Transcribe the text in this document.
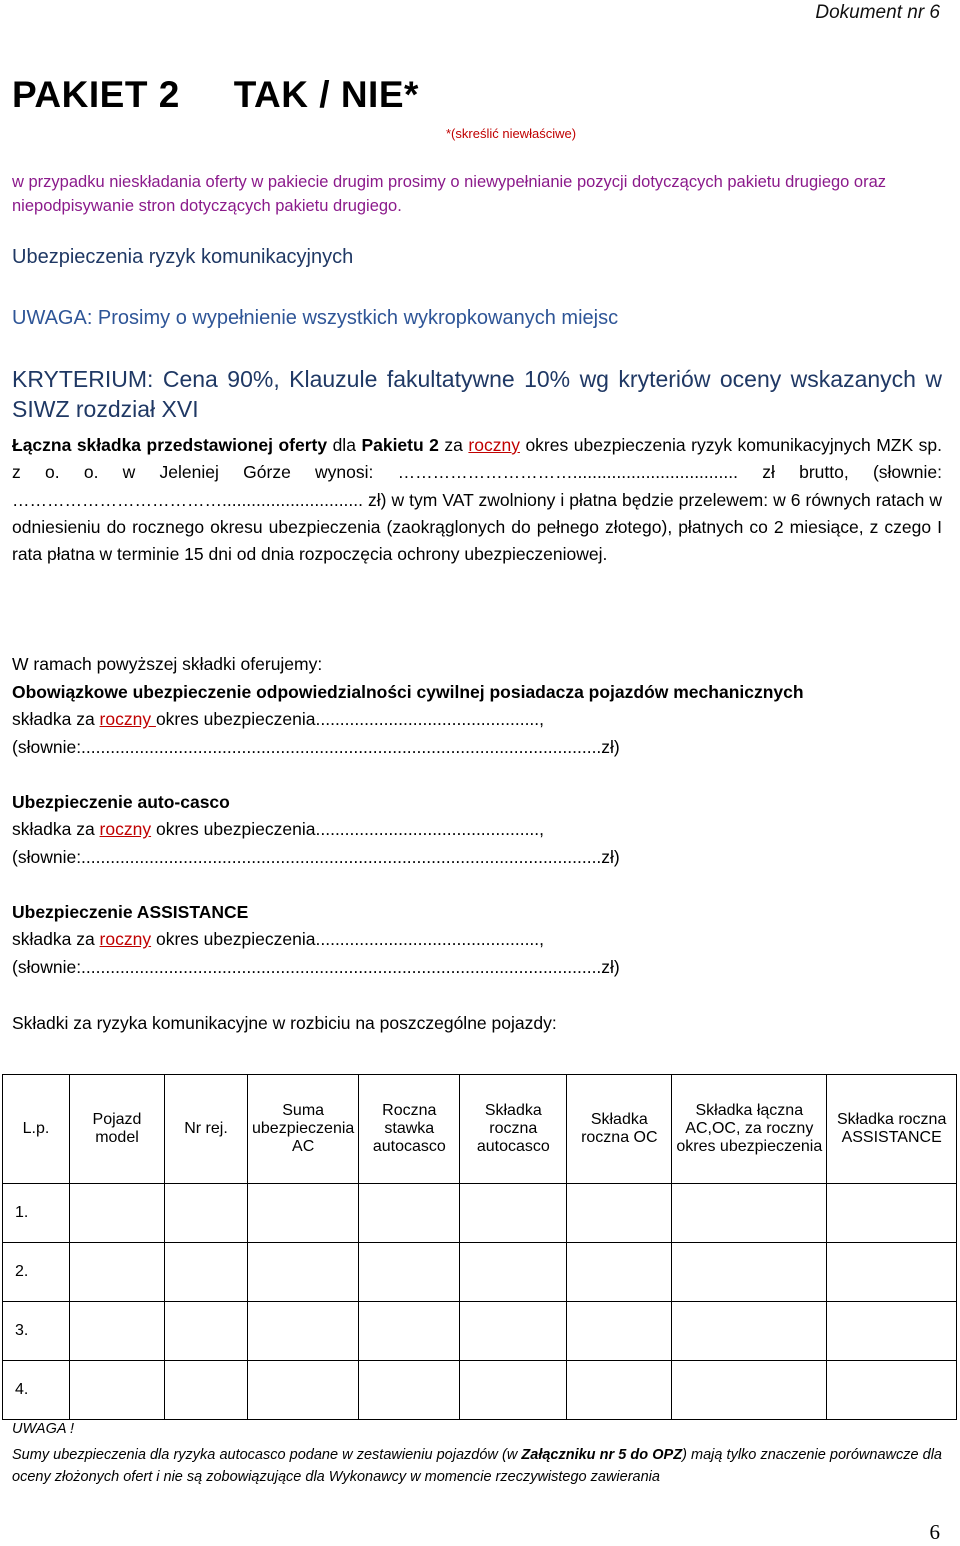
Dokument nr 6
PAKIET 2     TAK / NIE*
*(skreślić niewłaściwe)
w przypadku nieskładania oferty w pakiecie drugim prosimy o niewypełnianie pozycji dotyczących pakietu drugiego oraz niepodpisywanie stron dotyczących pakietu drugiego.
Ubezpieczenia ryzyk komunikacyjnych
UWAGA: Prosimy o wypełnienie wszystkich wykropkowanych miejsc
KRYTERIUM: Cena 90%, Klauzule fakultatywne 10% wg kryteriów oceny wskazanych w SIWZ rozdział XVI
Łączna składka przedstawionej oferty dla Pakietu 2 za roczny okres ubezpieczenia ryzyk komunikacyjnych MZK sp. z o. o. w Jeleniej Górze wynosi: ………………………….................................. zł brutto, (słownie: ………………………………............................. zł) w tym VAT zwolniony i płatna będzie przelewem: w 6 równych ratach w odniesieniu do rocznego okresu ubezpieczenia (zaokrąglonych do pełnego złotego), płatnych co 2 miesiące, z czego I rata płatna w terminie 15 dni od dnia rozpoczęcia ochrony ubezpieczeniowej.
W ramach powyższej składki oferujemy:
Obowiązkowe ubezpieczenie odpowiedzialności cywilnej posiadacza pojazdów mechanicznych
składka za roczny okres ubezpieczenia..............................................,
(słownie:...........................................................................................................zł)
Ubezpieczenie auto-casco
składka za roczny okres ubezpieczenia..............................................,
(słownie:...........................................................................................................zł)
Ubezpieczenie ASSISTANCE
składka za roczny okres ubezpieczenia..............................................,
(słownie:...........................................................................................................zł)
Składki za ryzyka komunikacyjne w rozbiciu na poszczególne pojazdy:
L.p.	Pojazd model	Nr rej.	Suma ubezpieczenia AC	Roczna stawka autocasco	Składka roczna autocasco	Składka roczna OC	Składka łączna AC,OC, za roczny okres ubezpieczenia	Składka roczna ASSISTANCE
1.								
2.								
3.								
4.								
UWAGA !
Sumy ubezpieczenia dla ryzyka autocasco podane w zestawieniu pojazdów (w Załączniku nr 5 do OPZ) mają tylko znaczenie porównawcze dla oceny złożonych ofert i nie są zobowiązujące dla Wykonawcy w momencie rzeczywistego zawierania
6
